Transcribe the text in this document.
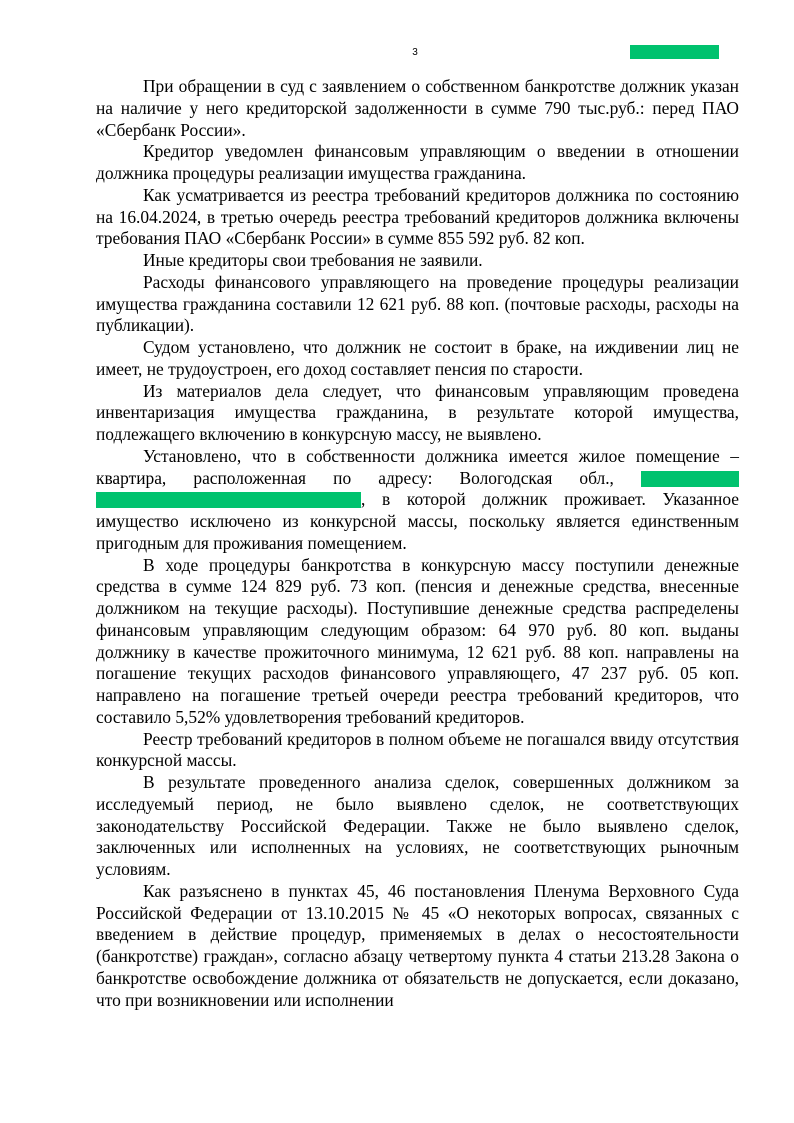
3

При обращении в суд с заявлением о собственном банкротстве должник указан на наличие у него кредиторской задолженности в сумме 790 тыс.руб.: перед ПАО «Сбербанк России».

Кредитор уведомлен финансовым управляющим о введении в отношении должника процедуры реализации имущества гражданина.

Как усматривается из реестра требований кредиторов должника по состоянию на 16.04.2024, в третью очередь реестра требований кредиторов должника включены требования ПАО «Сбербанк России» в сумме 855 592 руб. 82 коп.

Иные кредиторы свои требования не заявили.

Расходы финансового управляющего на проведение процедуры реализации имущества гражданина составили 12 621 руб. 88 коп. (почтовые расходы, расходы на публикации).

Судом установлено, что должник не состоит в браке, на иждивении лиц не имеет, не трудоустроен, его доход составляет пенсия по старости.

Из материалов дела следует, что финансовым управляющим проведена инвентаризация имущества гражданина, в результате которой имущества, подлежащего включению в конкурсную массу, не выявлено.

Установлено, что в собственности должника имеется жилое помещение – квартира, расположенная по адресу: Вологодская обл.,  , в которой должник проживает. Указанное имущество исключено из конкурсной массы, поскольку является единственным пригодным для проживания помещением.

В ходе процедуры банкротства в конкурсную массу поступили денежные средства в сумме 124 829 руб. 73 коп. (пенсия и денежные средства, внесенные должником на текущие расходы). Поступившие денежные средства распределены финансовым управляющим следующим образом: 64 970 руб. 80 коп. выданы должнику в качестве прожиточного минимума, 12 621 руб. 88 коп. направлены на погашение текущих расходов финансового управляющего, 47 237 руб. 05 коп. направлено на погашение третьей очереди реестра требований кредиторов, что составило 5,52% удовлетворения требований кредиторов.

Реестр требований кредиторов в полном объеме не погашался ввиду отсутствия конкурсной массы.

В результате проведенного анализа сделок, совершенных должником за исследуемый период, не было выявлено сделок, не соответствующих законодательству Российской Федерации. Также не было выявлено сделок, заключенных или исполненных на условиях, не соответствующих рыночным условиям.

Как разъяснено в пунктах 45, 46 постановления Пленума Верховного Суда Российской Федерации от 13.10.2015 № 45 «О некоторых вопросах, связанных с введением в действие процедур, применяемых в делах о несостоятельности (банкротстве) граждан», согласно абзацу четвертому пункта 4 статьи 213.28 Закона о банкротстве освобождение должника от обязательств не допускается, если доказано, что при возникновении или исполнении
